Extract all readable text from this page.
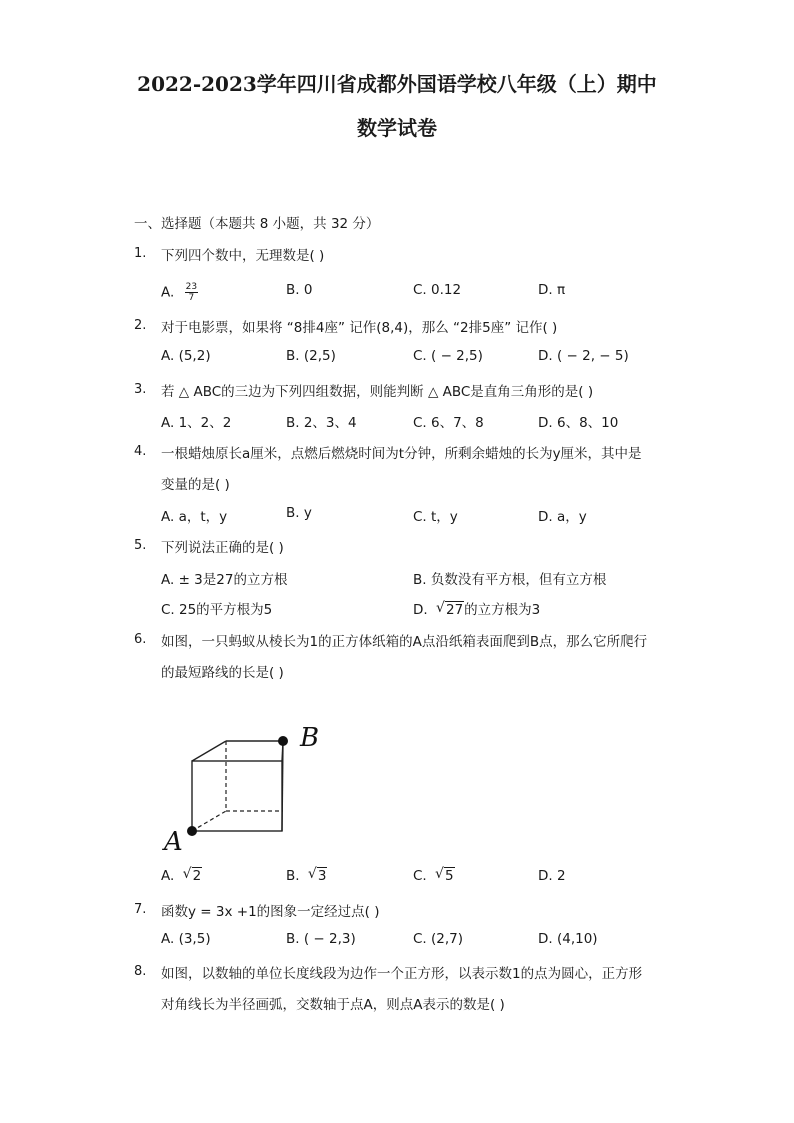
2022-2023学年四川省成都外国语学校八年级（上）期中
数学试卷
一、选择题（本题共 8 小题，共 32 分）
1. 下列四个数中，无理数是( )
A. $\frac{23}{7}$	B. 0	C. 0.12	D. π
2. 对于电影票，如果将 “8排4座” 记作(8,4)，那么 “2排5座” 记作( )
A. (5,2)	B. (2,5)	C. ( − 2,5)	D. ( − 2, − 5)
3. 若 △ ABC的三边为下列四组数据，则能判断 △ ABC是直角三角形的是( )
A. 1、2、2	B. 2、3、4	C. 6、7、8	D. 6、8、10
4. 一根蜡烛原长a厘米，点燃后燃烧时间为t分钟，所剩余蜡烛的长为y厘米，其中是
变量的是( )
A. a，t，y	B. y	C. t，y	D. a，y
5. 下列说法正确的是( )
A. ± 3是27的立方根	B. 负数没有平方根，但有立方根
C. 25的平方根为5	D. √ 27的立方根为3
6. 如图，一只蚂蚁从棱长为1的正方体纸箱的A点沿纸箱表面爬到B点，那么它所爬行
的最短路线的长是( )
A
B
A. √ 2	B. √ 3	C. √ 5	D. 2
7. 函数y = 3x +1的图象一定经过点( )
A. (3,5)	B. ( − 2,3)	C. (2,7)	D. (4,10)
8. 如图，以数轴的单位长度线段为边作一个正方形，以表示数1的点为圆心，正方形
对角线长为半径画弧，交数轴于点A，则点A表示的数是( )
